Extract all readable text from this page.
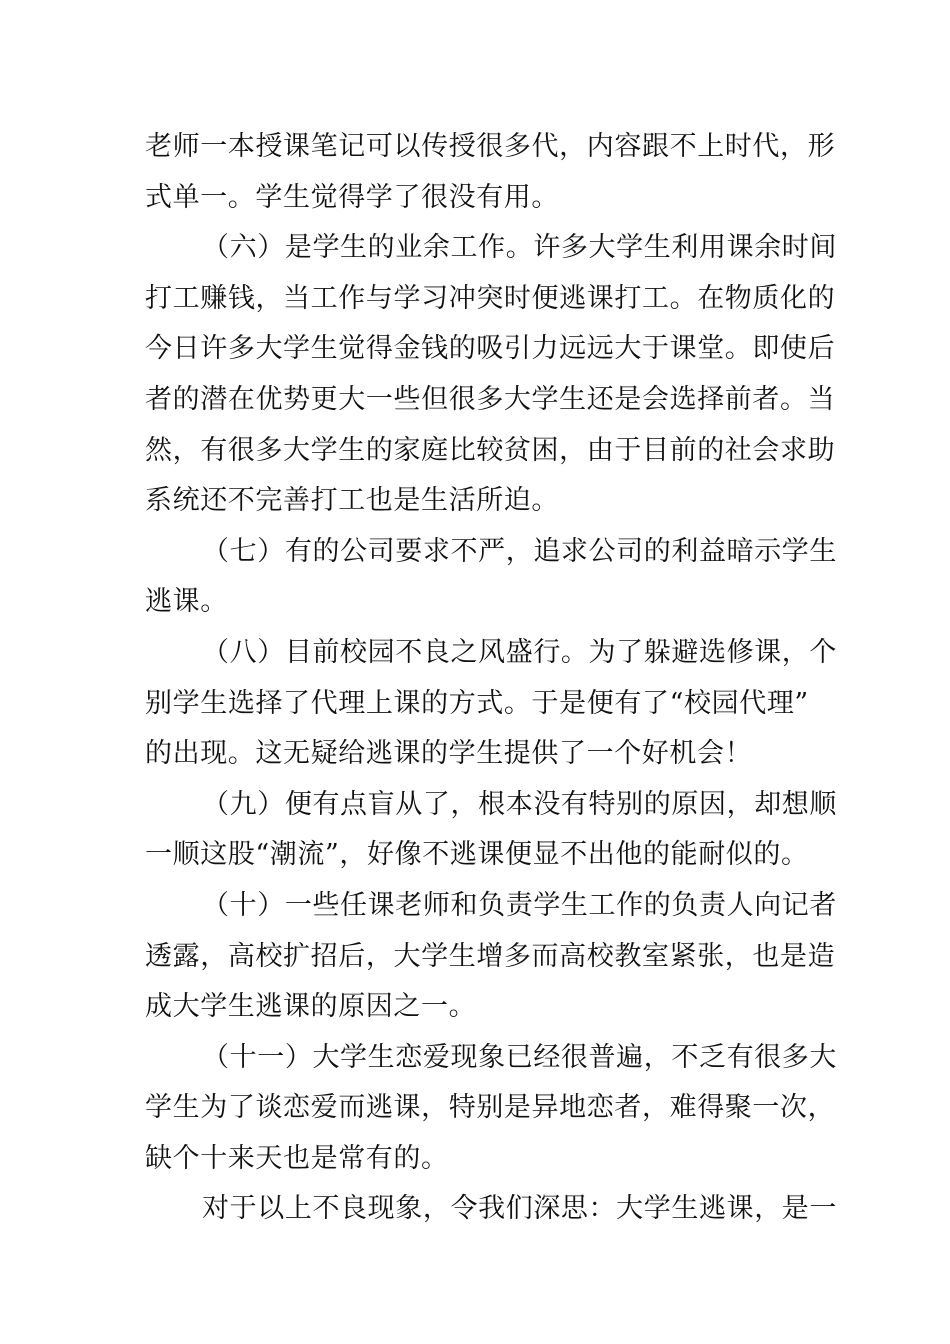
老 师 一 本 授 课 笔 记 可 以 传 授 很 多 代 ， 内 容 跟 不 上 时 代 ， 形
式单一。学生觉得学了很没有用。
（ 六 ） 是 学 生 的 业 余 工 作 。 许 多 大 学 生 利 用 课 余 时 间
打 工 赚 钱 ， 当 工 作 与 学 习 冲 突 时 便 逃 课 打 工 。 在 物 质 化 的
今 日 许 多 大 学 生 觉 得 金 钱 的 吸 引 力 远 远 大 于 课 堂 。 即 使 后
者 的 潜 在 优 势 更 大 一 些 但 很 多 大 学 生 还 是 会 选 择 前 者 。 当
然 ， 有 很 多 大 学 生 的 家 庭 比 较 贫 困 ， 由 于 目 前 的 社 会 求 助
系统还不完善打工也是生活所迫。
（ 七 ） 有 的 公 司 要 求 不 严 ， 追 求 公 司 的 利 益 暗 示 学 生
逃课。
（ 八 ） 目 前 校 园 不 良 之 风 盛 行 。 为 了 躲 避 选 修 课 ， 个
别 学 生 选 择 了 代 理 上 课 的 方 式 。 于 是 便 有 了 “ 校 园 代 理 ”
的出现。这无疑给逃课的学生提供了一个好机会！
（ 九 ） 便 有 点 盲 从 了 ， 根 本 没 有 特 别 的 原 因 ， 却 想 顺
一顺这股“潮流”，好像不逃课便显不出他的能耐似的。
（ 十 ） 一 些 任 课 老 师 和 负 责 学 生 工 作 的 负 责 人 向 记 者
透 露 ， 高 校 扩 招 后 ， 大 学 生 增 多 而 高 校 教 室 紧 张 ， 也 是 造
成大学生逃课的原因之一。
（ 十 一 ） 大 学 生 恋 爱 现 象 已 经 很 普 遍 ， 不 乏 有 很 多 大
学 生 为 了 谈 恋 爱 而 逃 课 ， 特 别 是 异 地 恋 者 ， 难 得 聚 一 次 ，
缺个十来天也是常有的。
对 于 以 上 不 良 现 象 ， 令 我 们 深 思 ： 大 学 生 逃 课 ， 是 一
